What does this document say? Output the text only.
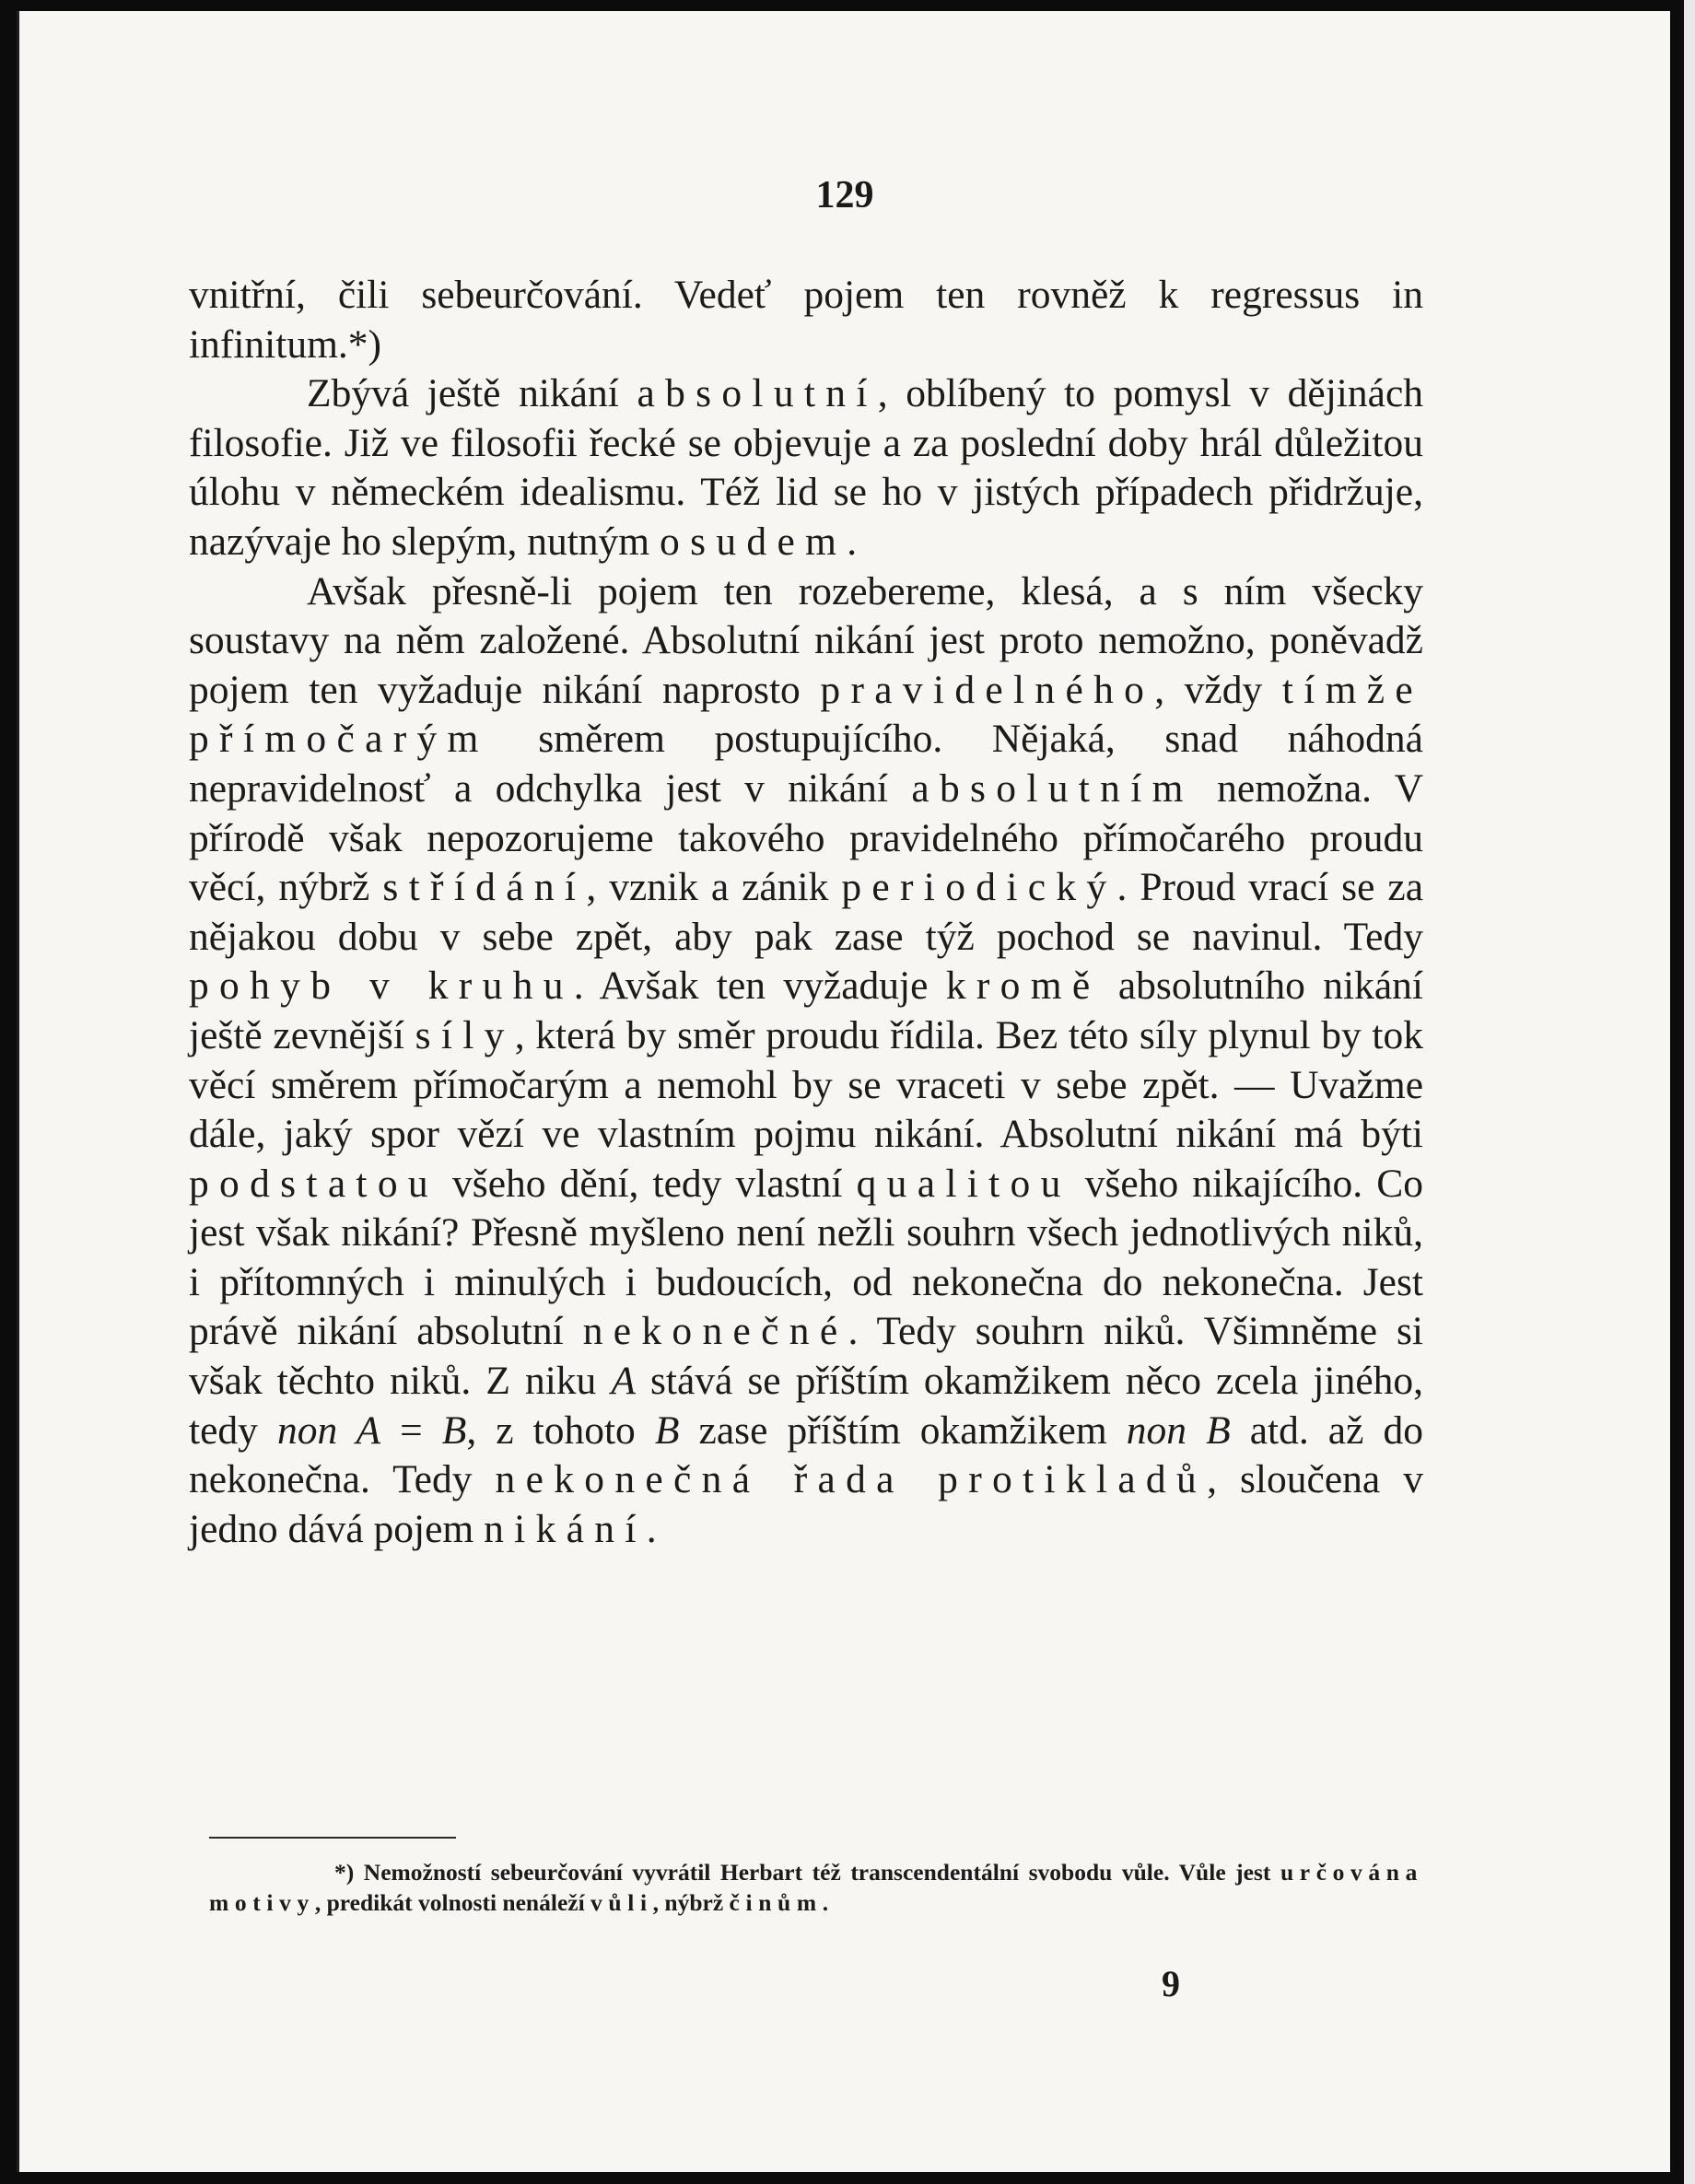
129

vnitřní, čili sebeurčování. Vedeť pojem ten rovněž k regressus in infinitum.*)

Zbývá ještě nikání absolutní, oblíbený to pomysl v dějinách filosofie. Již ve filosofii řecké se objevuje a za poslední doby hrál důležitou úlohu v německém idealismu. Též lid se ho v jistých případech přidržuje, nazývaje ho slepým, nutným osudem.

Avšak přesně-li pojem ten rozebereme, klesá, a s ním všecky soustavy na něm založené. Absolutní nikání jest proto nemožno, poněvadž pojem ten vyžaduje nikání naprosto pravidelného, vždy tímže přímočarým směrem postupujícího. Nějaká, snad náhodná nepravidelnosť a odchylka jest v nikání absolutním nemožna. V přírodě však nepozorujeme takového pravidelného přímočarého proudu věcí, nýbrž střídání, vznik a zánik periodický. Proud vrací se za nějakou dobu v sebe zpět, aby pak zase týž pochod se navinul. Tedy pohyb v kruhu. Avšak ten vyžaduje kromě absolutního nikání ještě zevnější síly, která by směr proudu řídila. Bez této síly plynul by tok věcí směrem přímočarým a nemohl by se vraceti v sebe zpět. — Uvažme dále, jaký spor vězí ve vlastním pojmu nikání. Absolutní nikání má býti podstatou všeho dění, tedy vlastní qualitou všeho nikajícího. Co jest však nikání? Přesně myšleno není nežli souhrn všech jednotlivých niků, i přítomných i minulých i budoucích, od nekonečna do nekonečna. Jest právě nikání absolutní nekonečné. Tedy souhrn niků. Všimněme si však těchto niků. Z niku A stává se příštím okamžikem něco zcela jiného, tedy non A = B, z tohoto B zase příštím okamžikem non B atd. až do nekonečna. Tedy nekonečná řada protikladů, sloučena v jedno dává pojem nikání.

*) Nemožností sebeurčování vyvrátil Herbart též transcendentální svobodu vůle. Vůle jest určována motivy, predikát volnosti nenáleží vůli, nýbrž činům.

9
